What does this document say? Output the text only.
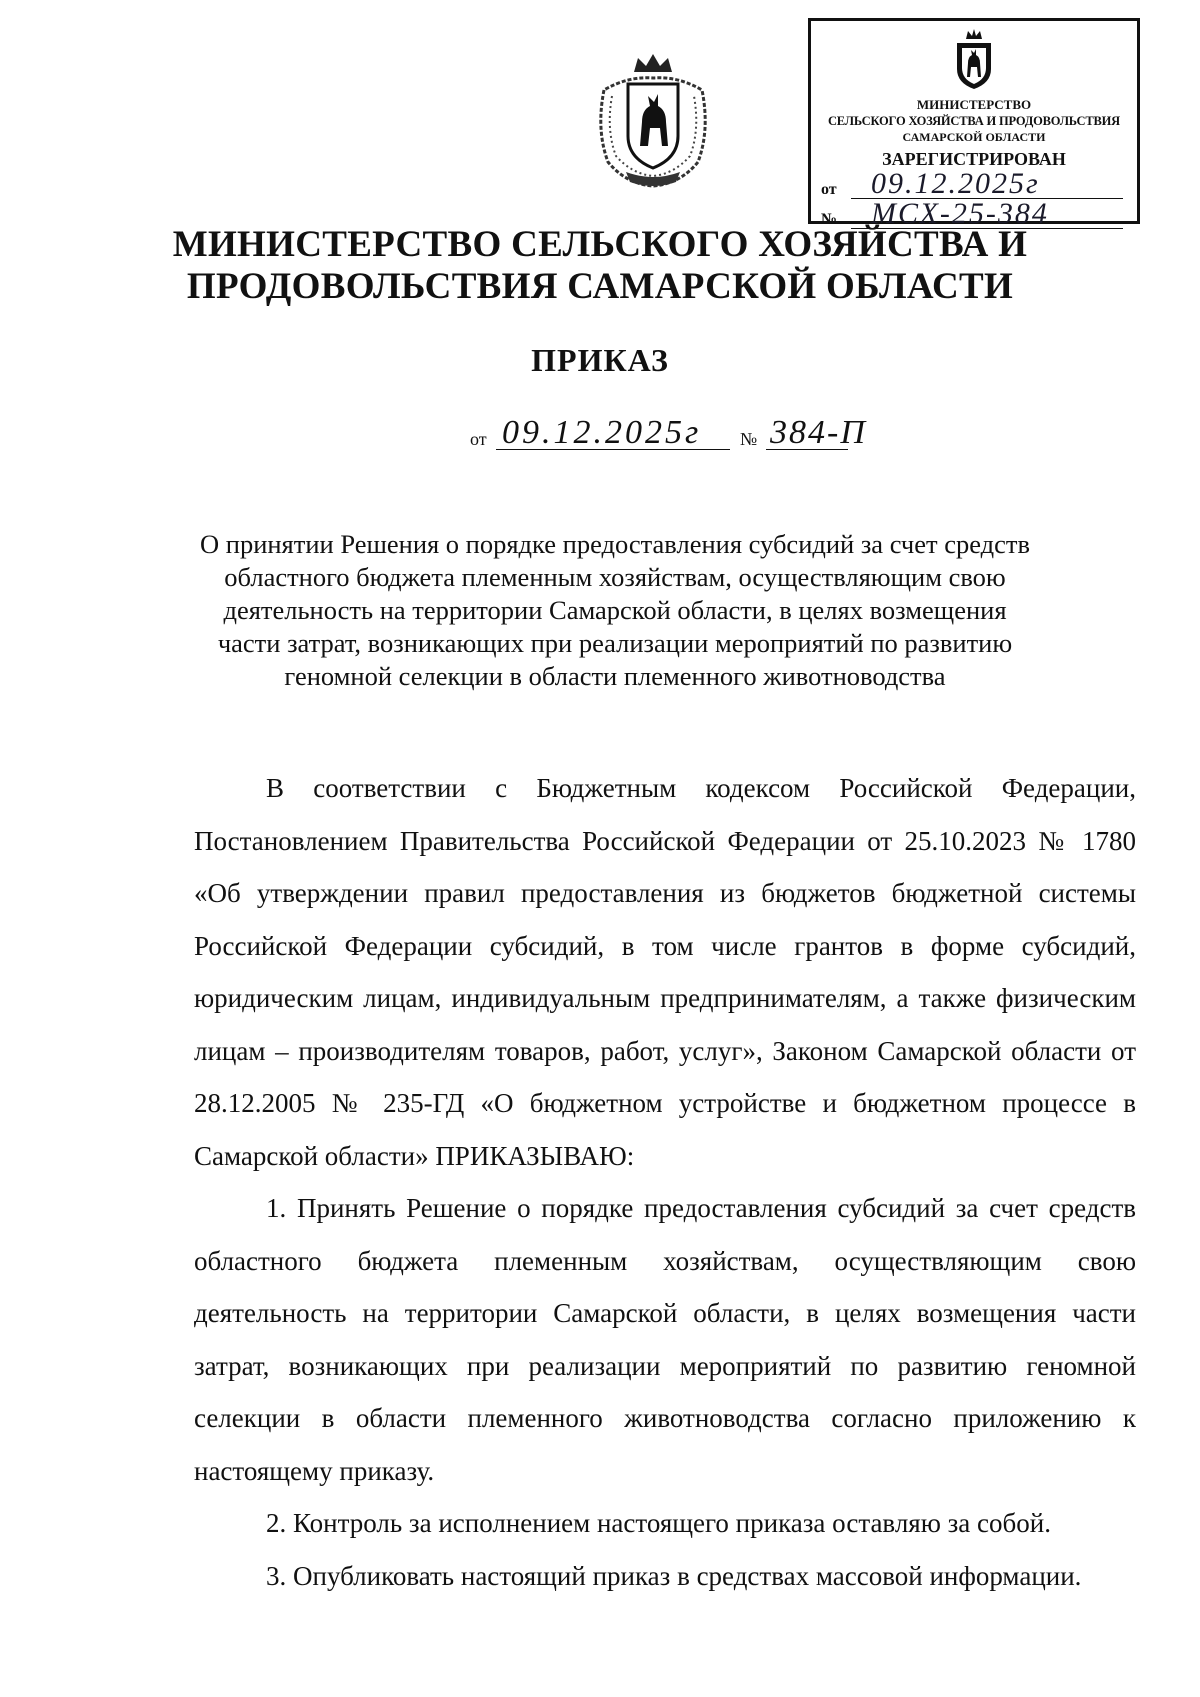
МИНИСТЕРСТВО
СЕЛЬСКОГО ХОЗЯЙСТВА И ПРОДОВОЛЬСТВИЯ
САМАРСКОЙ ОБЛАСТИ
ЗАРЕГИСТРИРОВАН
от 09.12.2025г
№ МСХ-25-384
МИНИСТЕРСТВО СЕЛЬСКОГО ХОЗЯЙСТВА И
ПРОДОВОЛЬСТВИЯ САМАРСКОЙ ОБЛАСТИ
ПРИКАЗ
от 09.12.2025г № 384-П
О принятии Решения о порядке предоставления субсидий за счет средств областного бюджета племенным хозяйствам, осуществляющим свою деятельность на территории Самарской области, в целях возмещения части затрат, возникающих при реализации мероприятий по развитию геномной селекции в области племенного животноводства

В соответствии с Бюджетным кодексом Российской Федерации, Постановлением Правительства Российской Федерации от 25.10.2023 № 1780 «Об утверждении правил предоставления из бюджетов бюджетной системы Российской Федерации субсидий, в том числе грантов в форме субсидий, юридическим лицам, индивидуальным предпринимателям, а также физическим лицам – производителям товаров, работ, услуг», Законом Самарской области от 28.12.2005 № 235-ГД «О бюджетном устройстве и бюджетном процессе в Самарской области» ПРИКАЗЫВАЮ:

1. Принять Решение о порядке предоставления субсидий за счет средств областного бюджета племенным хозяйствам, осуществляющим свою деятельность на территории Самарской области, в целях возмещения части затрат, возникающих при реализации мероприятий по развитию геномной селекции в области племенного животноводства согласно приложению к настоящему приказу.

2. Контроль за исполнением настоящего приказа оставляю за собой.

3. Опубликовать настоящий приказ в средствах массовой информации.
